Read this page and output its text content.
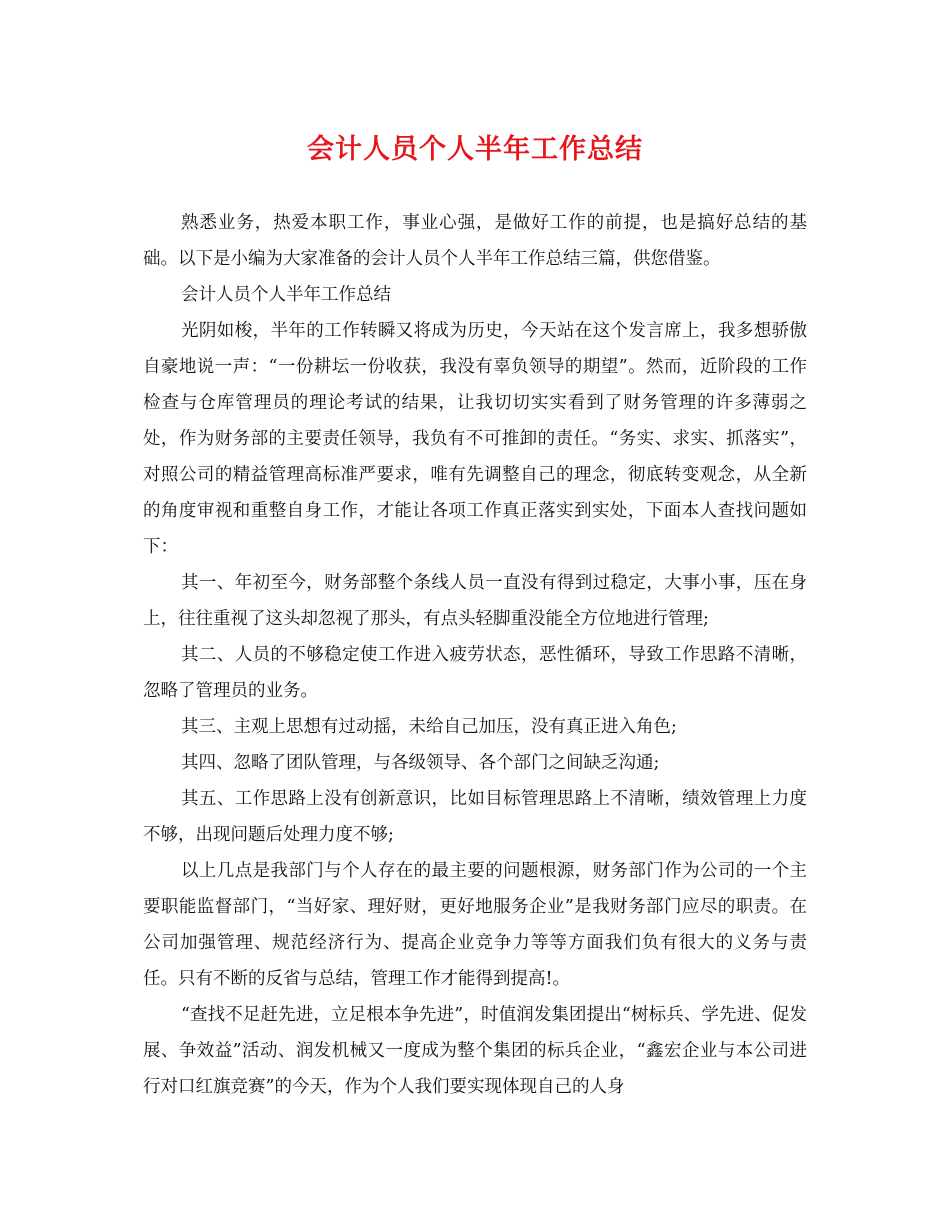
会计人员个人半年工作总结

熟悉业务，热爱本职工作，事业心强，是做好工作的前提，也是搞好总结的基础。以下是小编为大家准备的会计人员个人半年工作总结三篇，供您借鉴。

会计人员个人半年工作总结

光阴如梭，半年的工作转瞬又将成为历史，今天站在这个发言席上，我多想骄傲自豪地说一声：“一份耕坛一份收获，我没有辜负领导的期望”。然而，近阶段的工作检查与仓库管理员的理论考试的结果，让我切切实实看到了财务管理的许多薄弱之处，作为财务部的主要责任领导，我负有不可推卸的责任。“务实、求实、抓落实”，对照公司的精益管理高标准严要求，唯有先调整自己的理念，彻底转变观念，从全新的角度审视和重整自身工作，才能让各项工作真正落实到实处，下面本人查找问题如下：

其一、年初至今，财务部整个条线人员一直没有得到过稳定，大事小事，压在身上，往往重视了这头却忽视了那头，有点头轻脚重没能全方位地进行管理;

其二、人员的不够稳定使工作进入疲劳状态，恶性循环，导致工作思路不清晰，忽略了管理员的业务。

其三、主观上思想有过动摇，未给自己加压，没有真正进入角色;

其四、忽略了团队管理，与各级领导、各个部门之间缺乏沟通;

其五、工作思路上没有创新意识，比如目标管理思路上不清晰，绩效管理上力度不够，出现问题后处理力度不够;

以上几点是我部门与个人存在的最主要的问题根源，财务部门作为公司的一个主要职能监督部门，“当好家、理好财，更好地服务企业”是我财务部门应尽的职责。在公司加强管理、规范经济行为、提高企业竞争力等等方面我们负有很大的义务与责任。只有不断的反省与总结，管理工作才能得到提高!。

“查找不足赶先进，立足根本争先进”，时值润发集团提出“树标兵、学先进、促发展、争效益”活动、润发机械又一度成为整个集团的标兵企业，“鑫宏企业与本公司进行对口红旗竞赛”的今天，作为个人我们要实现体现自己的人身
